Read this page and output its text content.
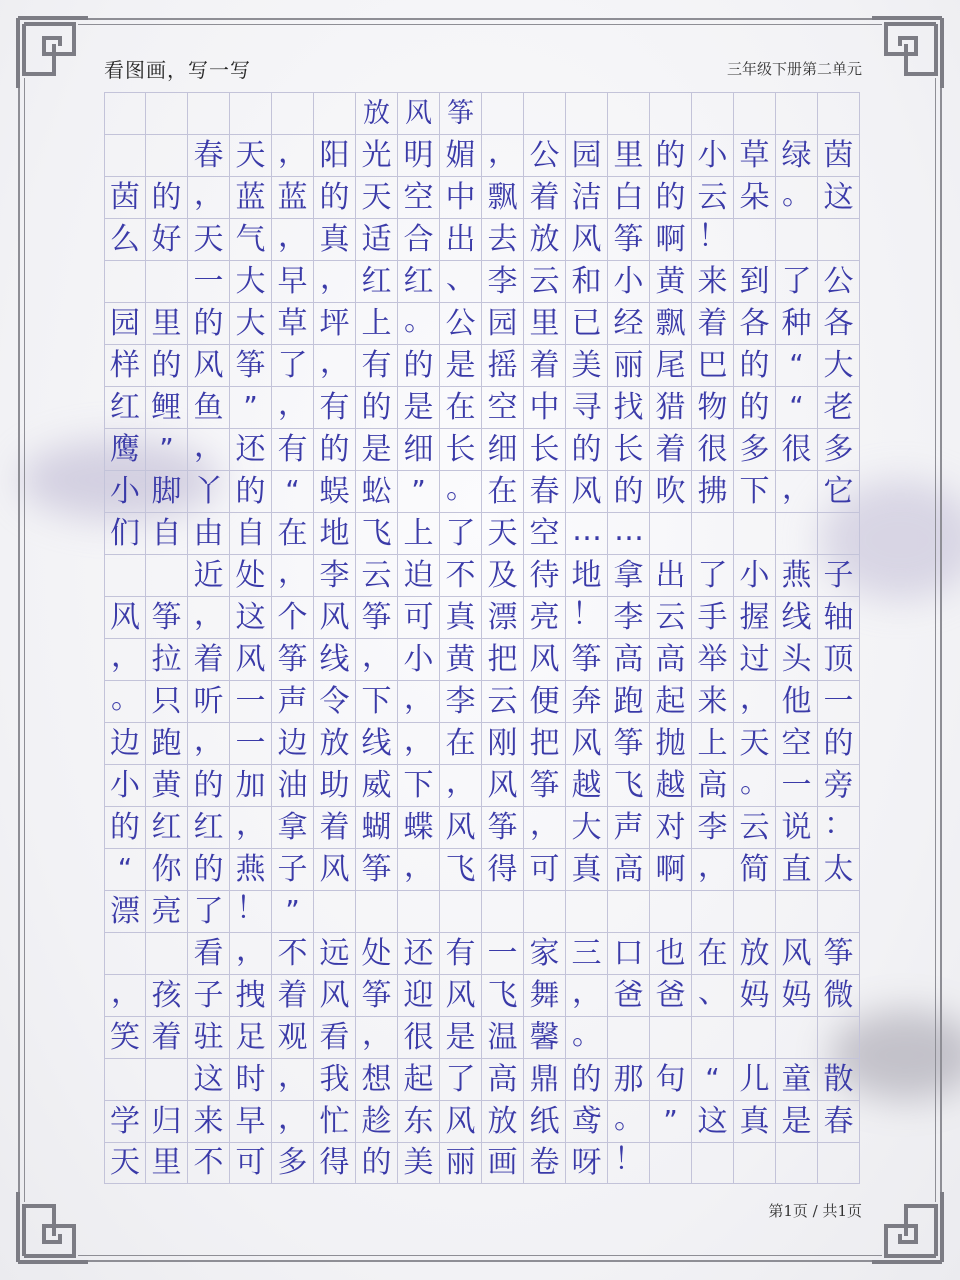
看图画，写一写	三年级下册第二单元
放 风 筝
春 天 ， 阳 光 明 媚 ， 公 园 里 的 小 草 绿 茵
茵 的 ， 蓝 蓝 的 天 空 中 飘 着 洁 白 的 云 朵 。 这
么 好 天 气 ， 真 适 合 出 去 放 风 筝 啊 ！
一 大 早 ， 红 红 、 李 云 和 小 黄 来 到 了 公
园 里 的 大 草 坪 上 。 公 园 里 已 经 飘 着 各 种 各
样 的 风 筝 了 ， 有 的 是 摇 着 美 丽 尾 巴 的 “ 大
红 鲤 鱼 ” ， 有 的 是 在 空 中 寻 找 猎 物 的 “ 老
鹰 ” ， 还 有 的 是 细 长 细 长 的 长 着 很 多 很 多
小 脚 丫 的 “ 蜈 蚣 ” 。 在 春 风 的 吹 拂 下 ， 它
们 自 由 自 在 地 飞 上 了 天 空 … …
近 处 ， 李 云 迫 不 及 待 地 拿 出 了 小 燕 子
风 筝 ， 这 个 风 筝 可 真 漂 亮 ！ 李 云 手 握 线 轴
， 拉 着 风 筝 线 ， 小 黄 把 风 筝 高 高 举 过 头 顶
。 只 听 一 声 令 下 ， 李 云 便 奔 跑 起 来 ， 他 一
边 跑 ， 一 边 放 线 ， 在 刚 把 风 筝 抛 上 天 空 的
小 黄 的 加 油 助 威 下 ， 风 筝 越 飞 越 高 。 一 旁
的 红 红 ， 拿 着 蝴 蝶 风 筝 ， 大 声 对 李 云 说 ：
“ 你 的 燕 子 风 筝 ， 飞 得 可 真 高 啊 ， 简 直 太
漂 亮 了 ！ ”
看 ， 不 远 处 还 有 一 家 三 口 也 在 放 风 筝
， 孩 子 拽 着 风 筝 迎 风 飞 舞 ， 爸 爸 、 妈 妈 微
笑 着 驻 足 观 看 ， 很 是 温 馨 。
这 时 ， 我 想 起 了 高 鼎 的 那 句 “ 儿 童 散
学 归 来 早 ， 忙 趁 东 风 放 纸 鸢 。 ” 这 真 是 春
天 里 不 可 多 得 的 美 丽 画 卷 呀 ！
第1页 / 共1页
